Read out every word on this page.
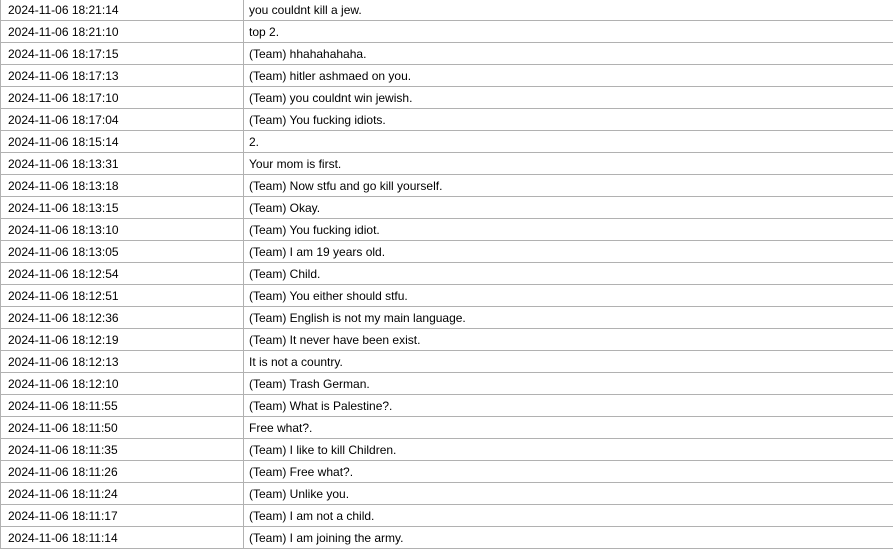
2024-11-06 18:21:14	you couldnt kill a jew.
2024-11-06 18:21:10	top 2.
2024-11-06 18:17:15	(Team) hhahahahaha.
2024-11-06 18:17:13	(Team) hitler ashmaed on you.
2024-11-06 18:17:10	(Team) you couldnt win jewish.
2024-11-06 18:17:04	(Team) You fucking idiots.
2024-11-06 18:15:14	2.
2024-11-06 18:13:31	Your mom is first.
2024-11-06 18:13:18	(Team) Now stfu and go kill yourself.
2024-11-06 18:13:15	(Team) Okay.
2024-11-06 18:13:10	(Team) You fucking idiot.
2024-11-06 18:13:05	(Team) I am 19 years old.
2024-11-06 18:12:54	(Team) Child.
2024-11-06 18:12:51	(Team) You either should stfu.
2024-11-06 18:12:36	(Team) English is not my main language.
2024-11-06 18:12:19	(Team) It never have been exist.
2024-11-06 18:12:13	It is not a country.
2024-11-06 18:12:10	(Team) Trash German.
2024-11-06 18:11:55	(Team) What is Palestine?.
2024-11-06 18:11:50	Free what?.
2024-11-06 18:11:35	(Team) I like to kill Children.
2024-11-06 18:11:26	(Team) Free what?.
2024-11-06 18:11:24	(Team) Unlike you.
2024-11-06 18:11:17	(Team) I am not a child.
2024-11-06 18:11:14	(Team) I am joining the army.
